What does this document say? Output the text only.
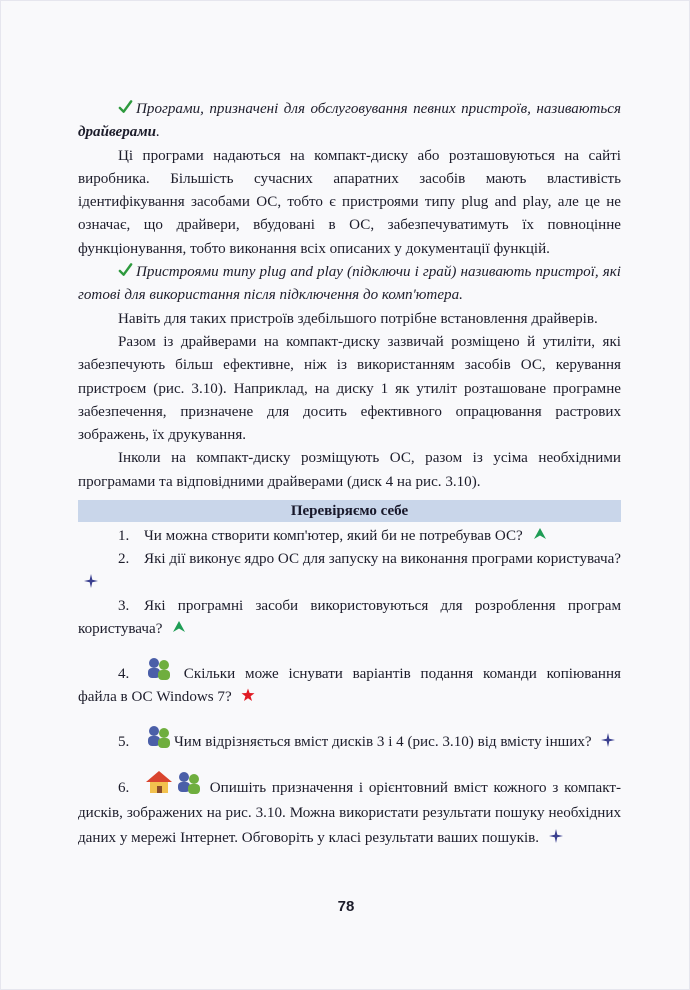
Програми, призначені для обслуговування певних пристроїв, називаються драйверами.

Ці програми надаються на компакт-диску або розташовуються на сайті виробника. Більшість сучасних апаратних засобів мають властивість ідентифікування засобами ОС, тобто є пристроями типу plug and play, але це не означає, що драйвери, вбудовані в ОС, забезпечуватимуть їх повноцінне функціонування, тобто виконання всіх описаних у документації функцій.

Пристроями типу plug and play (підключи і грай) називають пристрої, які готові для використання після підключення до комп'ютера.

Навіть для таких пристроїв здебільшого потрібне встановлення драйверів.

Разом із драйверами на компакт-диску зазвичай розміщено й утиліти, які забезпечують більш ефективне, ніж із використанням засобів ОС, керування пристроєм (рис. 3.10). Наприклад, на диску 1 як утиліт розташоване програмне забезпечення, призначене для досить ефективного опрацювання растрових зображень, їх друкування.

Інколи на компакт-диску розміщують ОС, разом із усіма необхідними програмами та відповідними драйверами (диск 4 на рис. 3.10).

Перевіряємо себе
1. Чи можна створити комп'ютер, який би не потребував ОС?
2. Які дії виконує ядро ОС для запуску на виконання програми користувача?
3. Які програмні засоби використовуються для розроблення програм користувача?
4.	Скільки може існувати варіантів подання команди копіювання файла в ОС Windows 7?
5.	Чим відрізняється вміст дисків 3 і 4 (рис. 3.10) від вмісту інших?
6.	Опишіть призначення і орієнтовний вміст кожного з компакт-дисків, зображених на рис. 3.10. Можна використати результати пошуку необхідних даних у мережі Інтернет. Обговоріть у класі результати ваших пошуків.
78
